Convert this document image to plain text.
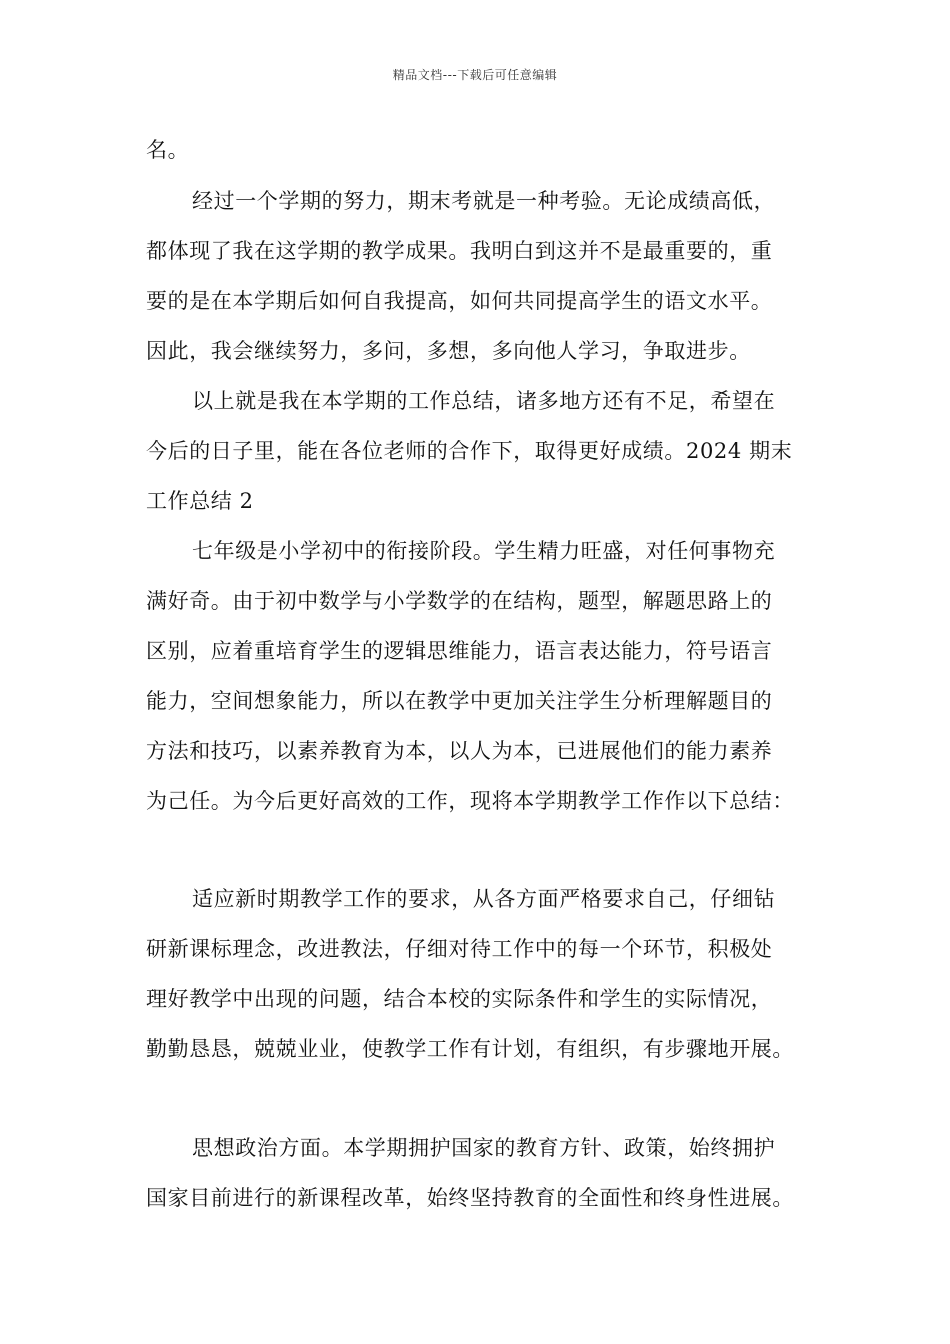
精品文档---下载后可任意编辑
名。
经过一个学期的努力，期末考就是一种考验。无论成绩高低，
都体现了我在这学期的教学成果。我明白到这并不是最重要的，重
要的是在本学期后如何自我提高，如何共同提高学生的语文水平。
因此，我会继续努力，多问，多想，多向他人学习，争取进步。
以上就是我在本学期的工作总结，诸多地方还有不足，希望在
今后的日子里，能在各位老师的合作下，取得更好成绩。2024 期末
工作总结 2
七年级是小学初中的衔接阶段。学生精力旺盛，对任何事物充
满好奇。由于初中数学与小学数学的在结构，题型，解题思路上的
区别，应着重培育学生的逻辑思维能力，语言表达能力，符号语言
能力，空间想象能力，所以在教学中更加关注学生分析理解题目的
方法和技巧，以素养教育为本，以人为本，已进展他们的能力素养
为己任。为今后更好高效的工作，现将本学期教学工作作以下总结：
适应新时期教学工作的要求，从各方面严格要求自己，仔细钻
研新课标理念，改进教法，仔细对待工作中的每一个环节，积极处
理好教学中出现的问题，结合本校的实际条件和学生的实际情况，
勤勤恳恳，兢兢业业，使教学工作有计划，有组织，有步骤地开展。
思想政治方面。本学期拥护国家的教育方针、政策，始终拥护
国家目前进行的新课程改革，始终坚持教育的全面性和终身性进展。
